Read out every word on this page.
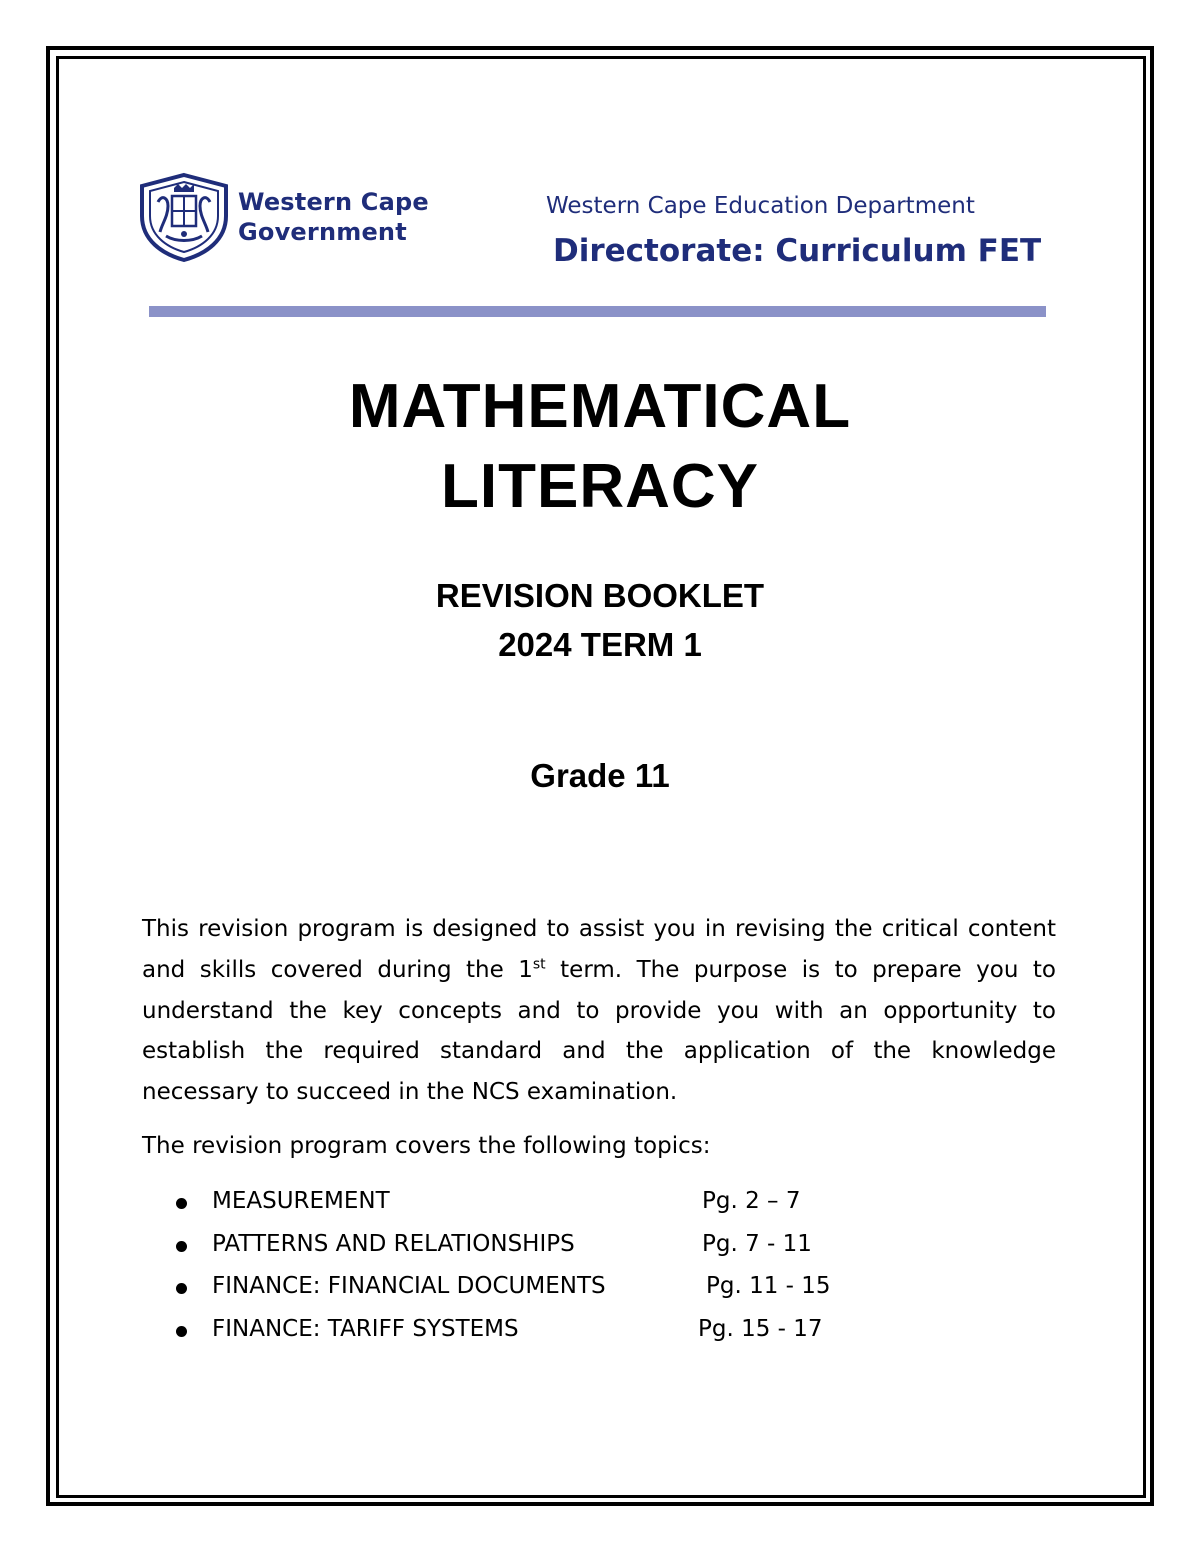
Western Cape
Government
Western Cape Education Department
Directorate: Curriculum FET
MATHEMATICAL
LITERACY
REVISION BOOKLET
2024 TERM 1
Grade 11

This revision program is designed to assist you in revising the critical content and skills covered during the 1st term. The purpose is to prepare you to understand the key concepts and to provide you with an opportunity to establish the required standard and the application of the knowledge necessary to succeed in the NCS examination.

The revision program covers the following topics:

MEASUREMENT	Pg. 2 – 7
PATTERNS AND RELATIONSHIPS	Pg. 7 - 11
FINANCE: FINANCIAL DOCUMENTS	Pg. 11 - 15
FINANCE: TARIFF SYSTEMS	Pg. 15 - 17
